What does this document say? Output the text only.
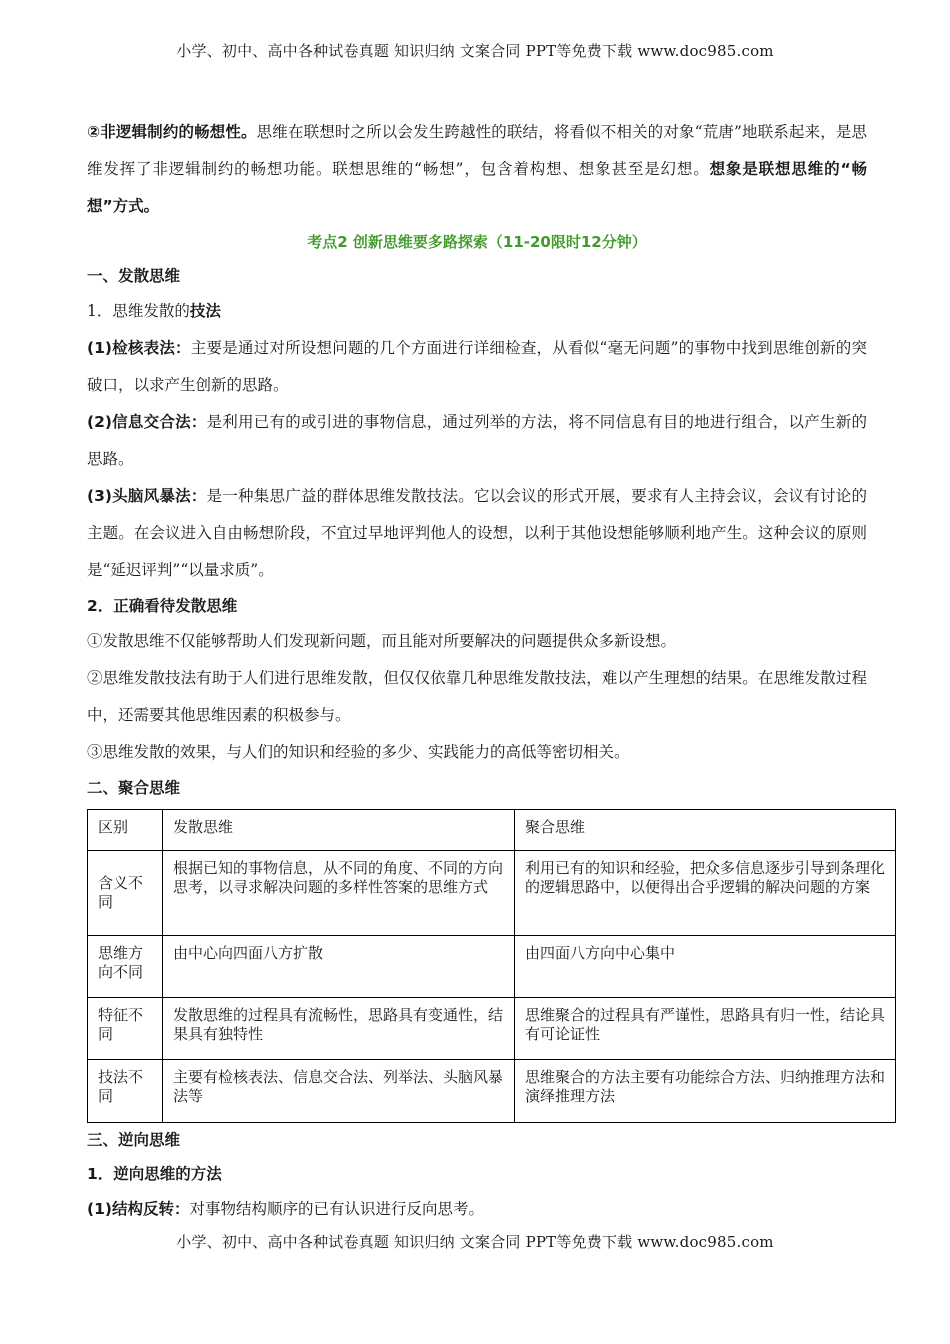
小学、初中、高中各种试卷真题 知识归纳 文案合同 PPT等免费下载 www.doc985.com

②非逻辑制约的畅想性。思维在联想时之所以会发生跨越性的联结，将看似不相关的对象“荒唐”地联系起来，是思维发挥了非逻辑制约的畅想功能。联想思维的“畅想”，包含着构想、想象甚至是幻想。想象是联想思维的“畅想”方式。

考点2 创新思维要多路探索（11-20限时12分钟）

一、发散思维

1．思维发散的技法

(1)检核表法：主要是通过对所设想问题的几个方面进行详细检查，从看似“毫无问题”的事物中找到思维创新的突破口，以求产生创新的思路。

(2)信息交合法：是利用已有的或引进的事物信息，通过列举的方法，将不同信息有目的地进行组合，以产生新的思路。

(3)头脑风暴法：是一种集思广益的群体思维发散技法。它以会议的形式开展，要求有人主持会议，会议有讨论的主题。在会议进入自由畅想阶段，不宜过早地评判他人的设想，以利于其他设想能够顺利地产生。这种会议的原则是“延迟评判”“以量求质”。

2．正确看待发散思维

①发散思维不仅能够帮助人们发现新问题，而且能对所要解决的问题提供众多新设想。

②思维发散技法有助于人们进行思维发散，但仅仅依靠几种思维发散技法，难以产生理想的结果。在思维发散过程中，还需要其他思维因素的积极参与。

③思维发散的效果，与人们的知识和经验的多少、实践能力的高低等密切相关。

二、聚合思维

区别	发散思维	聚合思维
含义不同	根据已知的事物信息，从不同的角度、不同的方向思考，以寻求解决问题的多样性答案的思维方式	利用已有的知识和经验，把众多信息逐步引导到条理化的逻辑思路中，以便得出合乎逻辑的解决问题的方案
思维方向不同	由中心向四面八方扩散	由四面八方向中心集中
特征不同	发散思维的过程具有流畅性，思路具有变通性，结果具有独特性	思维聚合的过程具有严谨性，思路具有归一性，结论具有可论证性
技法不同	主要有检核表法、信息交合法、列举法、头脑风暴法等	思维聚合的方法主要有功能综合方法、归纳推理方法和演绎推理方法

三、逆向思维

1．逆向思维的方法

(1)结构反转：对事物结构顺序的已有认识进行反向思考。

小学、初中、高中各种试卷真题 知识归纳 文案合同 PPT等免费下载 www.doc985.com
